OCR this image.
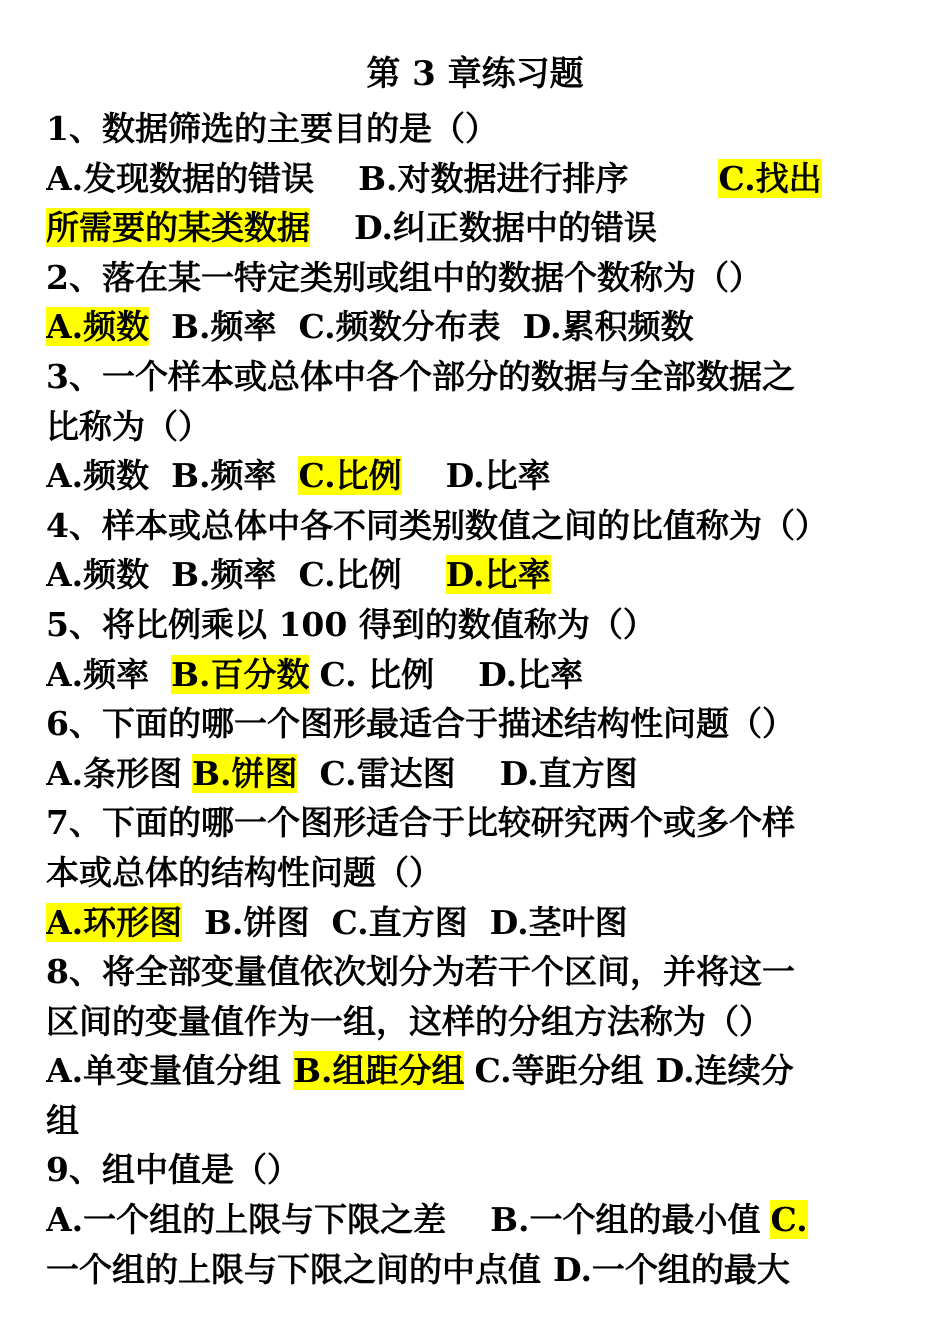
第 3 章练习题
1、数据筛选的主要目的是（）
A.发现数据的错误 B.对数据进行排序	C.找出
所需要的某类数据 D.纠正数据中的错误
2、落在某一特定类别或组中的数据个数称为（）
A.频数 B.频率 C.频数分布表 D.累积频数
3、一个样本或总体中各个部分的数据与全部数据之
比称为（）
A.频数 B.频率 C.比例 D.比率
4、样本或总体中各不同类别数值之间的比值称为（）
A.频数 B.频率 C.比例 D.比率
5、将比例乘以 100 得到的数值称为（）
A.频率 B.百分数 C. 比例 D.比率
6、下面的哪一个图形最适合于描述结构性问题（）
A.条形图 B.饼图 C.雷达图 D.直方图
7、下面的哪一个图形适合于比较研究两个或多个样
本或总体的结构性问题（）
A.环形图 B.饼图 C.直方图 D.茎叶图
8、将全部变量值依次划分为若干个区间，并将这一
区间的变量值作为一组，这样的分组方法称为（）
A.单变量值分组 B.组距分组 C.等距分组 D.连续分
组
9、组中值是（）
A.一个组的上限与下限之差 B.一个组的最小值 C.
一个组的上限与下限之间的中点值 D.一个组的最大
